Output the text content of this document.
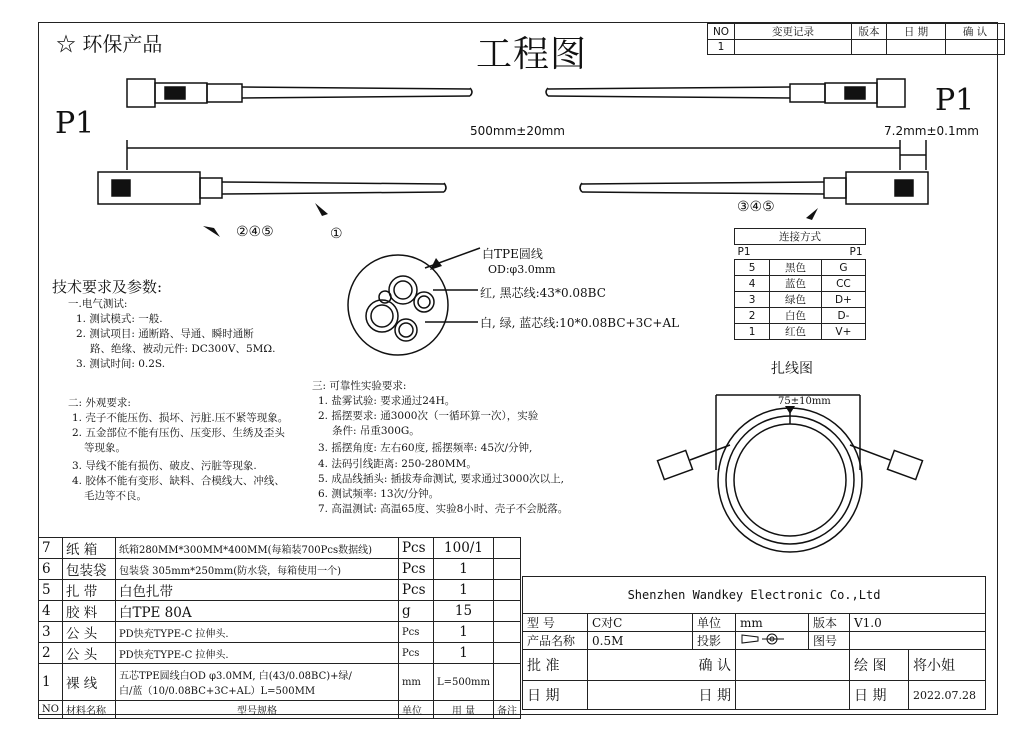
☆ 环保产品	工程图
NO	变更记录	版本	日 期	确 认
1				
P1
P1
500mm±20mm	7.2mm±0.1mm
②④⑤	①
③④⑤
白TPE圆线
OD:φ3.0mm
红, 黑芯线:43*0.08BC
白, 绿, 蓝芯线:10*0.08BC+3C+AL
扎线图
75±10mm
连接方式		
P1		P1
5	黑色	G
4	蓝色	CC
3	绿色	D+
2	白色	D-
1	红色	V+
技术要求及参数:
一.电气测试:
1. 测试模式: 一般.
2. 测试项目: 通断路、导通、瞬时通断
路、绝缘、被动元件: DC300V、5MΩ.
3. 测试时间: 0.2S.
二: 外观要求:
1. 壳子不能压伤、损坏、污脏.压不紧等现象。
2. 五金部位不能有压伤、压变形、生绣及歪头
等现象。
3. 导线不能有损伤、破皮、污脏等现象.
4. 胶体不能有变形、缺料、合模线大、冲线、
毛边等不良。
三: 可靠性实验要求:
1. 盐雾试验: 要求通过24H。
2. 摇摆要求: 通3000次（一循环算一次），实验
条件: 吊重300G。
3. 摇摆角度: 左右60度, 摇摆频率: 45次/分钟,
4. 法码引线距离: 250-280MM。
5. 成品线插头: 插拔寿命测试, 要求通过3000次以上,
6. 测试频率: 13次/分钟。
7. 高温测试: 高温65度、实验8小时、壳子不会脱落。
7	纸 箱	纸箱280MM*300MM*400MM(每箱装700Pcs数据线)	Pcs	100/1	
6	包装袋	包装袋 305mm*250mm(防水袋，每箱使用一个)	Pcs	1	
5	扎 带	白色扎带	Pcs	1	
4	胶 料	白TPE 80A	g	15	
3	公 头	PD快充TYPE-C 拉伸头.	Pcs	1	
2	公 头	PD快充TYPE-C 拉伸头.	Pcs	1	
1	裸 线	五芯TPE圆线白OD φ3.0MM, 白(43/0.08BC)+绿/
白/蓝（10/0.08BC+3C+AL）L=500MM	mm	L=500mm	
NO	材料名称	型号规格	单位	用 量	备注
Shenzhen Wandkey Electronic Co.,Ltd						
型 号	C对C	单位	mm	版本	V1.0	
产品名称	0.5M	投影		图号		
批 准	确 认				绘 图	将小姐
日 期	日 期				日 期	2022.07.28
